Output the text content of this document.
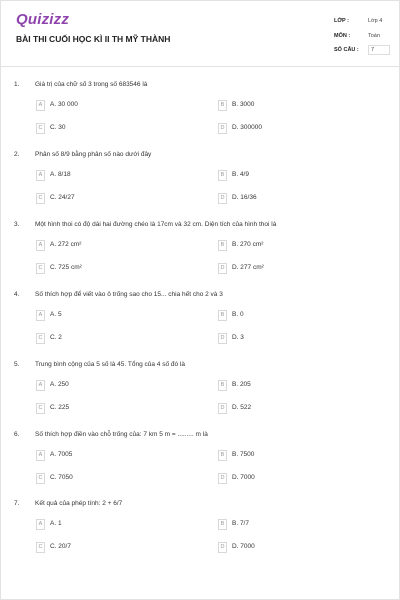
Quizizz
BÀI THI CUỐI HỌC KÌ II TH MỸ THÀNH
LỚP :	Lớp 4
MÔN :	Toán
SỐ CÂU :	7
1. Giá trị của chữ số 3 trong số 683546 là
A	A. 30 000	B	B. 3000
C	C. 30	D	D. 300000
2. Phân số 8/9 bằng phân số nào dưới đây
A	A. 8/18	B	B. 4/9
C	C. 24/27	D	D. 16/36
3. Một hình thoi có độ dài hai đường chéo là 17cm và 32 cm. Diện tích của hình thoi là
A	A. 272 cm²	B	B. 270 cm²
C	C. 725 cm²	D	D. 277 cm²
4. Số thích hợp để viết vào ô trống sao cho 15... chia hết cho 2 và 3
A	A. 5	B	B. 0
C	C. 2	D	D. 3
5. Trung bình cộng của 5 số là 45. Tổng của 4 số đó là
A	A. 250	B	B. 205
C	C. 225	D	D. 522
6. Số thích hợp điền vào chỗ trống của: 7 km 5 m = ......... m là
A	A. 7005	B	B. 7500
C	C. 7050	D	D. 7000
7. Kết quả của phép tính: 2 + 6/7
A	A. 1	B	B. 7/7
C	C. 20/7	D	D. 7000
